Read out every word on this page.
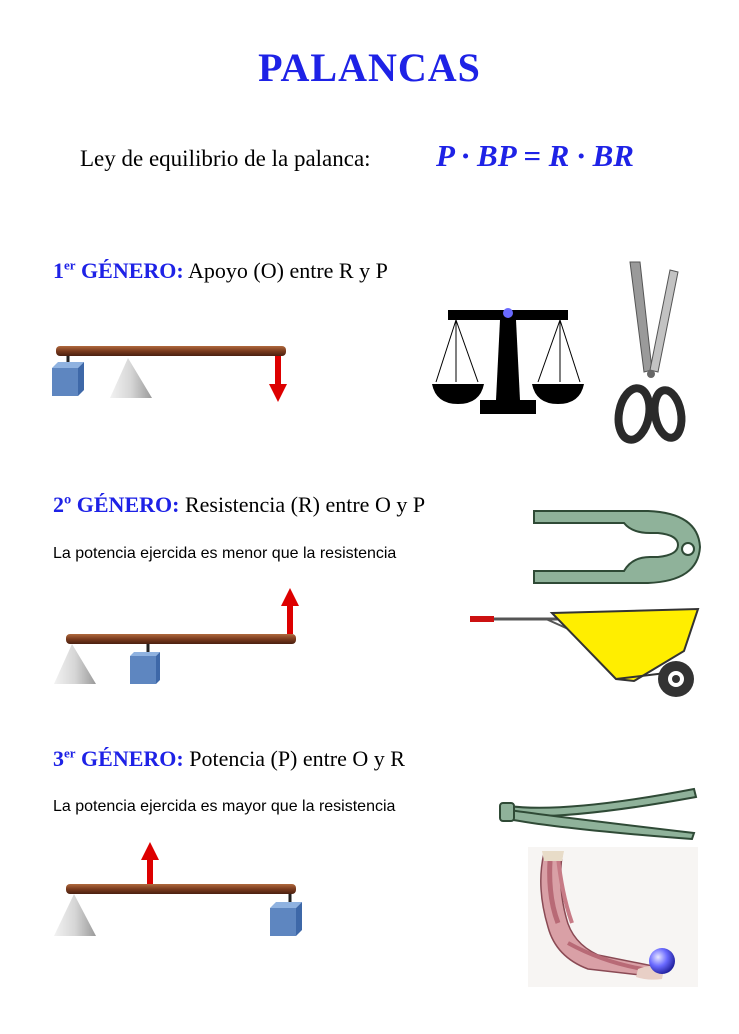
PALANCAS
Ley de equilibrio de la palanca: P · BP = R · BR
1er GÉNERO: Apoyo (O) entre R y P
2º GÉNERO: Resistencia (R) entre O y P
La potencia ejercida es menor que la resistencia
3er GÉNERO: Potencia (P) entre O y R
La potencia ejercida es mayor que la resistencia
